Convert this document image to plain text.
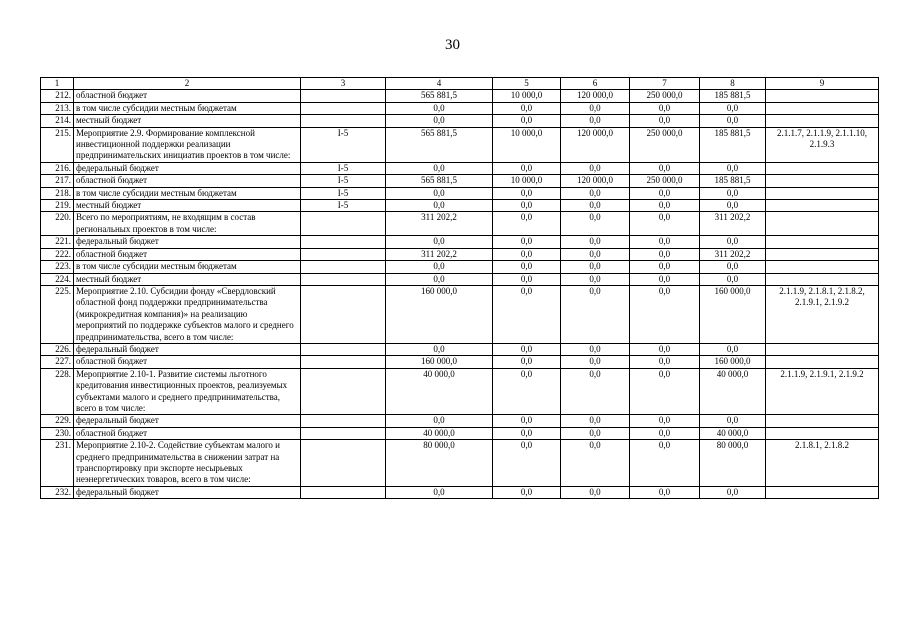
30
1	2	3	4	5	6	7	8	9
212.	областной бюджет		565 881,5	10 000,0	120 000,0	250 000,0	185 881,5	
213.	в том числе субсидии местным бюджетам		0,0	0,0	0,0	0,0	0,0	
214.	местный бюджет		0,0	0,0	0,0	0,0	0,0	
215.	Мероприятие 2.9. Формирование комплексной инвестиционной поддержки реализации предпринимательских инициатив проектов в том числе:	I-5	565 881,5	10 000,0	120 000,0	250 000,0	185 881,5	2.1.1.7, 2.1.1.9, 2.1.1.10, 2.1.9.3
216.	федеральный бюджет	I-5	0,0	0,0	0,0	0,0	0,0	
217.	областной бюджет	I-5	565 881,5	10 000,0	120 000,0	250 000,0	185 881,5	
218.	в том числе субсидии местным бюджетам	I-5	0,0	0,0	0,0	0,0	0,0	
219.	местный бюджет	I-5	0,0	0,0	0,0	0,0	0,0	
220.	Всего по мероприятиям, не входящим в состав региональных проектов в том числе:		311 202,2	0,0	0,0	0,0	311 202,2	
221.	федеральный бюджет		0,0	0,0	0,0	0,0	0,0	
222.	областной бюджет		311 202,2	0,0	0,0	0,0	311 202,2	
223.	в том числе субсидии местным бюджетам		0,0	0,0	0,0	0,0	0,0	
224.	местный бюджет		0,0	0,0	0,0	0,0	0,0	
225.	Мероприятие 2.10. Субсидии фонду «Свердловский областной фонд поддержки предпринимательства (микрокредитная компания)» на реализацию мероприятий по поддержке субъектов малого и среднего предпринимательства, всего в том числе:		160 000,0	0,0	0,0	0,0	160 000,0	2.1.1.9, 2.1.8.1, 2.1.8.2, 2.1.9.1, 2.1.9.2
226.	федеральный бюджет		0,0	0,0	0,0	0,0	0,0	
227.	областной бюджет		160 000,0	0,0	0,0	0,0	160 000,0	
228.	Мероприятие 2.10-1. Развитие системы льготного кредитования инвестиционных проектов, реализуемых субъектами малого и среднего предпринимательства, всего в том числе:		40 000,0	0,0	0,0	0,0	40 000,0	2.1.1.9, 2.1.9.1, 2.1.9.2
229.	федеральный бюджет		0,0	0,0	0,0	0,0	0,0	
230.	областной бюджет		40 000,0	0,0	0,0	0,0	40 000,0	
231.	Мероприятие 2.10-2. Содействие субъектам малого и среднего предпринимательства в снижении затрат на транспортировку при экспорте несырьевых неэнергетических товаров, всего в том числе:		80 000,0	0,0	0,0	0,0	80 000,0	2.1.8.1, 2.1.8.2
232.	федеральный бюджет		0,0	0,0	0,0	0,0	0,0	
